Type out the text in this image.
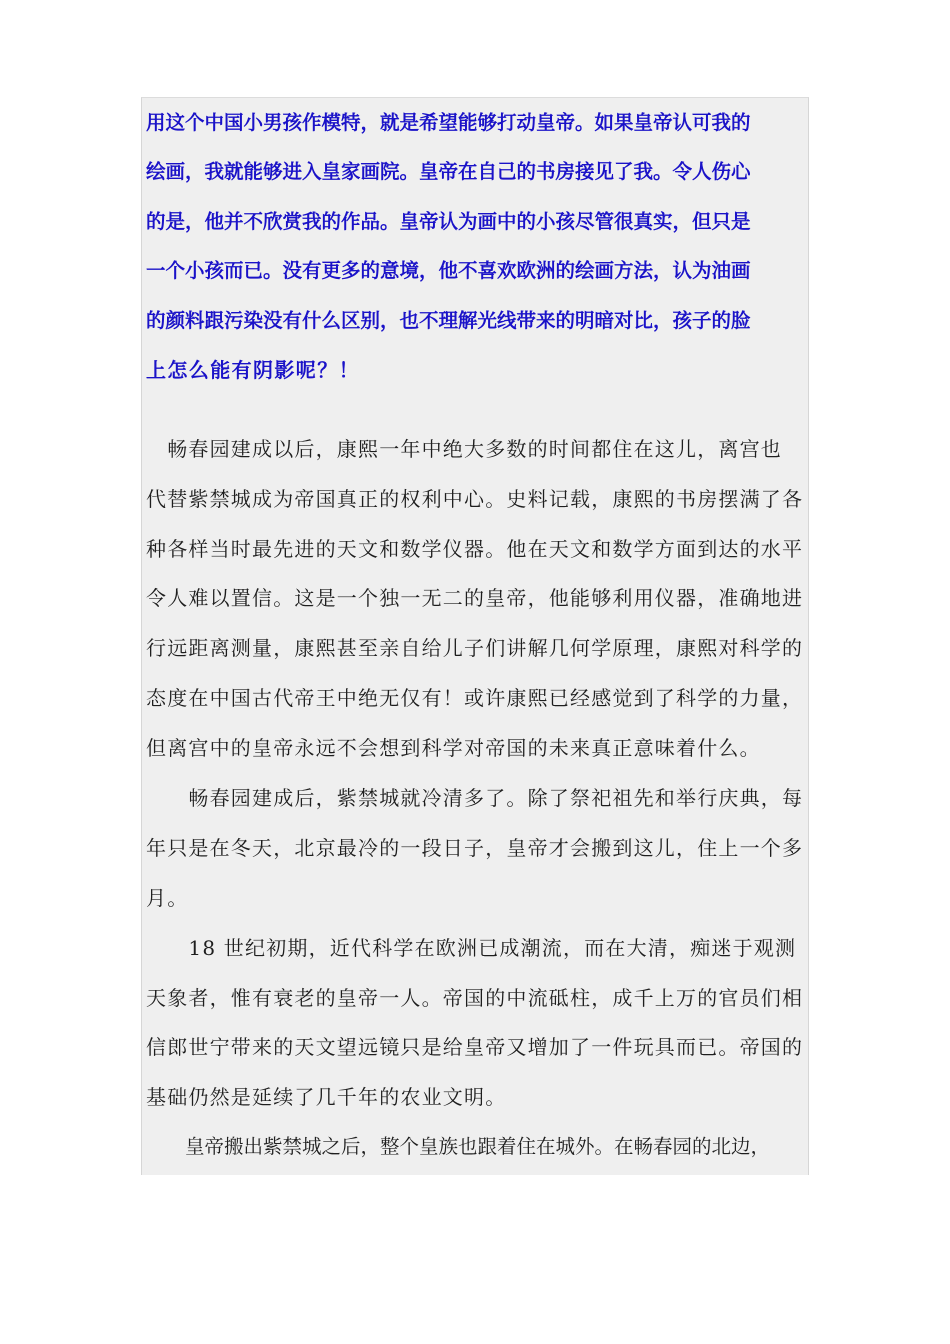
用这个中国小男孩作模特，就是希望能够打动皇帝。如果皇帝认可我的
绘画，我就能够进入皇家画院。皇帝在自己的书房接见了我。令人伤心
的是，他并不欣赏我的作品。皇帝认为画中的小孩尽管很真实，但只是
一个小孩而已。没有更多的意境，他不喜欢欧洲的绘画方法，认为油画
的颜料跟污染没有什么区别，也不理解光线带来的明暗对比，孩子的脸
上怎么能有阴影呢？！
　畅春园建成以后，康熙一年中绝大多数的时间都住在这儿，离宫也
代替紫禁城成为帝国真正的权利中心。史料记载，康熙的书房摆满了各
种各样当时最先进的天文和数学仪器。他在天文和数学方面到达的水平
令人难以置信。这是一个独一无二的皇帝，他能够利用仪器，准确地进
行远距离测量，康熙甚至亲自给儿子们讲解几何学原理，康熙对科学的
态度在中国古代帝王中绝无仅有！或许康熙已经感觉到了科学的力量，
但离宫中的皇帝永远不会想到科学对帝国的未来真正意味着什么。
　　畅春园建成后，紫禁城就冷清多了。除了祭祀祖先和举行庆典，每
年只是在冬天，北京最冷的一段日子，皇帝才会搬到这儿，住上一个多
月。
　　18 世纪初期，近代科学在欧洲已成潮流，而在大清，痴迷于观测
天象者，惟有衰老的皇帝一人。帝国的中流砥柱，成千上万的官员们相
信郎世宁带来的天文望远镜只是给皇帝又增加了一件玩具而已。帝国的
基础仍然是延续了几千年的农业文明。
　　皇帝搬出紫禁城之后，整个皇族也跟着住在城外。在畅春园的北边，
